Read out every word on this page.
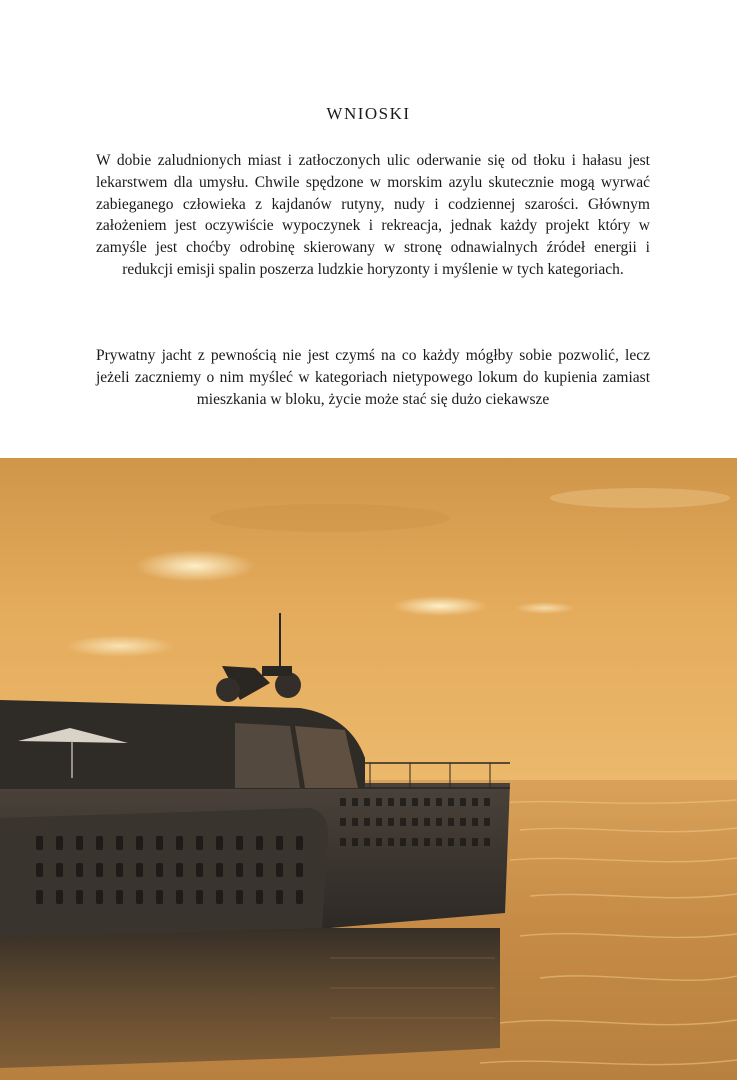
WNIOSKI

W dobie zaludnionych miast i zatłoczonych ulic oderwanie się od tłoku i hałasu jest lekarstwem dla umysłu. Chwile spędzone w morskim azylu skutecznie mogą wyrwać zabieganego człowieka z kajdanów rutyny, nudy i codziennej szarości. Głównym założeniem jest oczywiście wypoczynek i rekreacja, jednak każdy projekt który w zamyśle jest choćby odrobinę skierowany w stronę odnawialnych źródeł energii i redukcji emisji spalin poszerza ludzkie horyzonty i myślenie w tych kategoriach.

Prywatny jacht z pewnością nie jest czymś na co każdy mógłby sobie pozwolić, lecz jeżeli zaczniemy o nim myśleć w kategoriach nietypowego lokum do kupienia zamiast mieszkania w bloku, życie może stać się dużo ciekawsze
